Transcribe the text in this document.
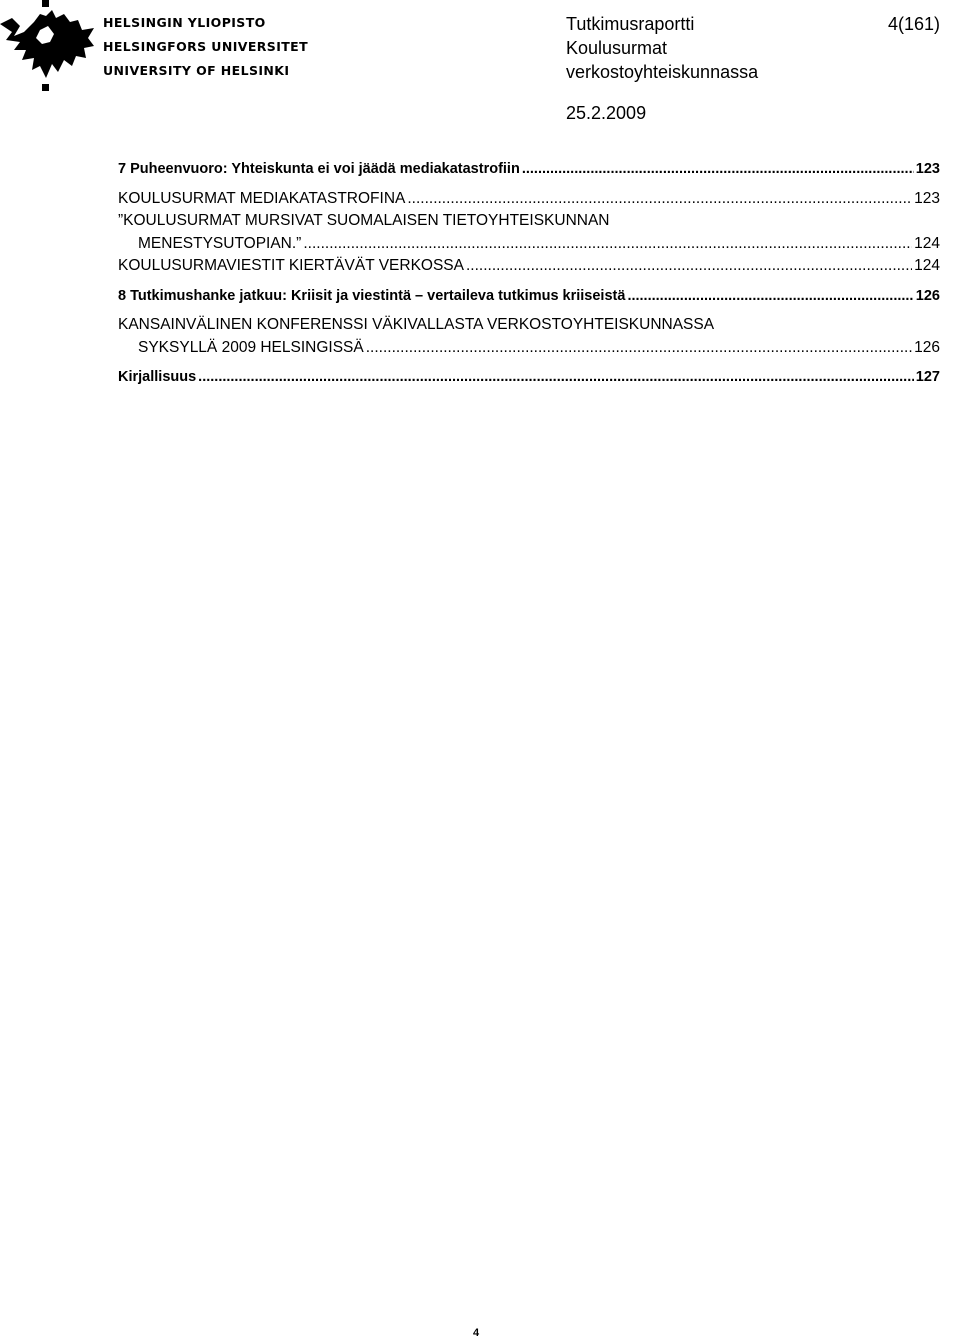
HELSINGIN YLIOPISTO
HELSINGFORS UNIVERSITET
UNIVERSITY OF HELSINKI
Tutkimusraportti
Koulusurmat
verkostoyhteiskunnassa
4(161)
25.2.2009
7 Puheenvuoro: Yhteiskunta ei voi jäädä mediakatastrofiin .....	123
KOULUSURMAT MEDIAKATASTROFINA .....	123
”KOULUSURMAT MURSIVAT SUOMALAISEN TIETOYHTEISKUNNAN
MENESTYSUTOPIAN.” .....	124
KOULUSURMAVIESTIT KIERTÄVÄT VERKOSSA .....	124
8 Tutkimushanke jatkuu: Kriisit ja viestintä – vertaileva tutkimus kriiseistä .....	126
KANSAINVÄLINEN KONFERENSSI VÄKIVALLASTA VERKOSTOYHTEISKUNNASSA
SYKSYLLÄ 2009 HELSINGISSÄ .....	126
Kirjallisuus .....	127
4
